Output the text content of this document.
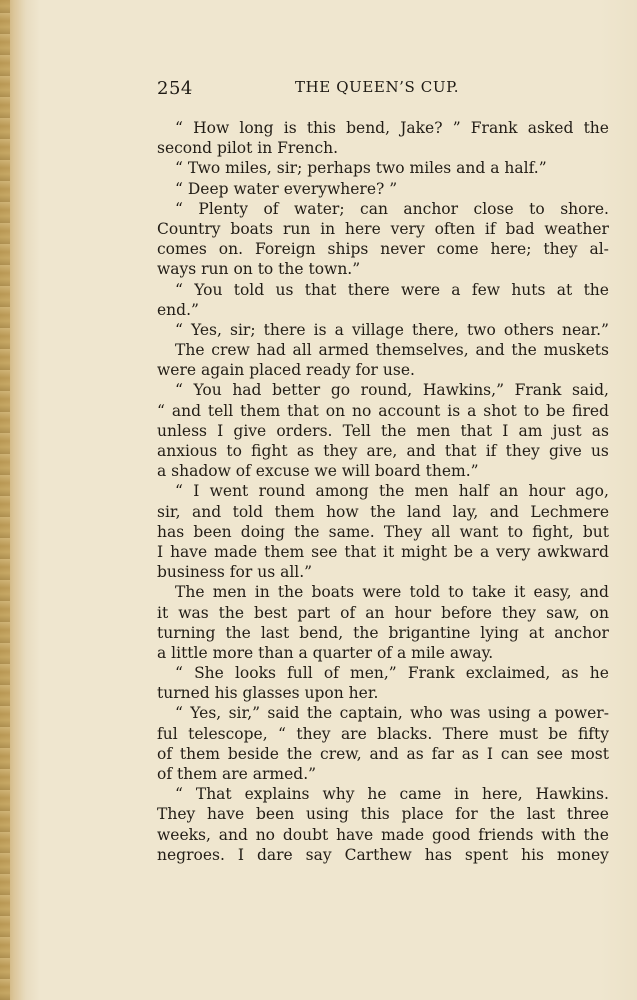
254	THE QUEEN’S CUP.
“ How long is this bend, Jake? ” Frank asked the
second pilot in French.
“ Two miles, sir; perhaps two miles and a half.”
“ Deep water everywhere? ”
“ Plenty of water; can anchor close to shore.
Country boats run in here very often if bad weather
comes on. Foreign ships never come here; they al-
ways run on to the town.”
“ You told us that there were a few huts at the
end.”
“ Yes, sir; there is a village there, two others near.”
The crew had all armed themselves, and the muskets
were again placed ready for use.
“ You had better go round, Hawkins,” Frank said,
“ and tell them that on no account is a shot to be fired
unless I give orders. Tell the men that I am just as
anxious to fight as they are, and that if they give us
a shadow of excuse we will board them.”
“ I went round among the men half an hour ago,
sir, and told them how the land lay, and Lechmere
has been doing the same. They all want to fight, but
I have made them see that it might be a very awkward
business for us all.”
The men in the boats were told to take it easy, and
it was the best part of an hour before they saw, on
turning the last bend, the brigantine lying at anchor
a little more than a quarter of a mile away.
“ She looks full of men,” Frank exclaimed, as he
turned his glasses upon her.
“ Yes, sir,” said the captain, who was using a power-
ful telescope, “ they are blacks. There must be fifty
of them beside the crew, and as far as I can see most
of them are armed.”
“ That explains why he came in here, Hawkins.
They have been using this place for the last three
weeks, and no doubt have made good friends with the
negroes. I dare say Carthew has spent his money
